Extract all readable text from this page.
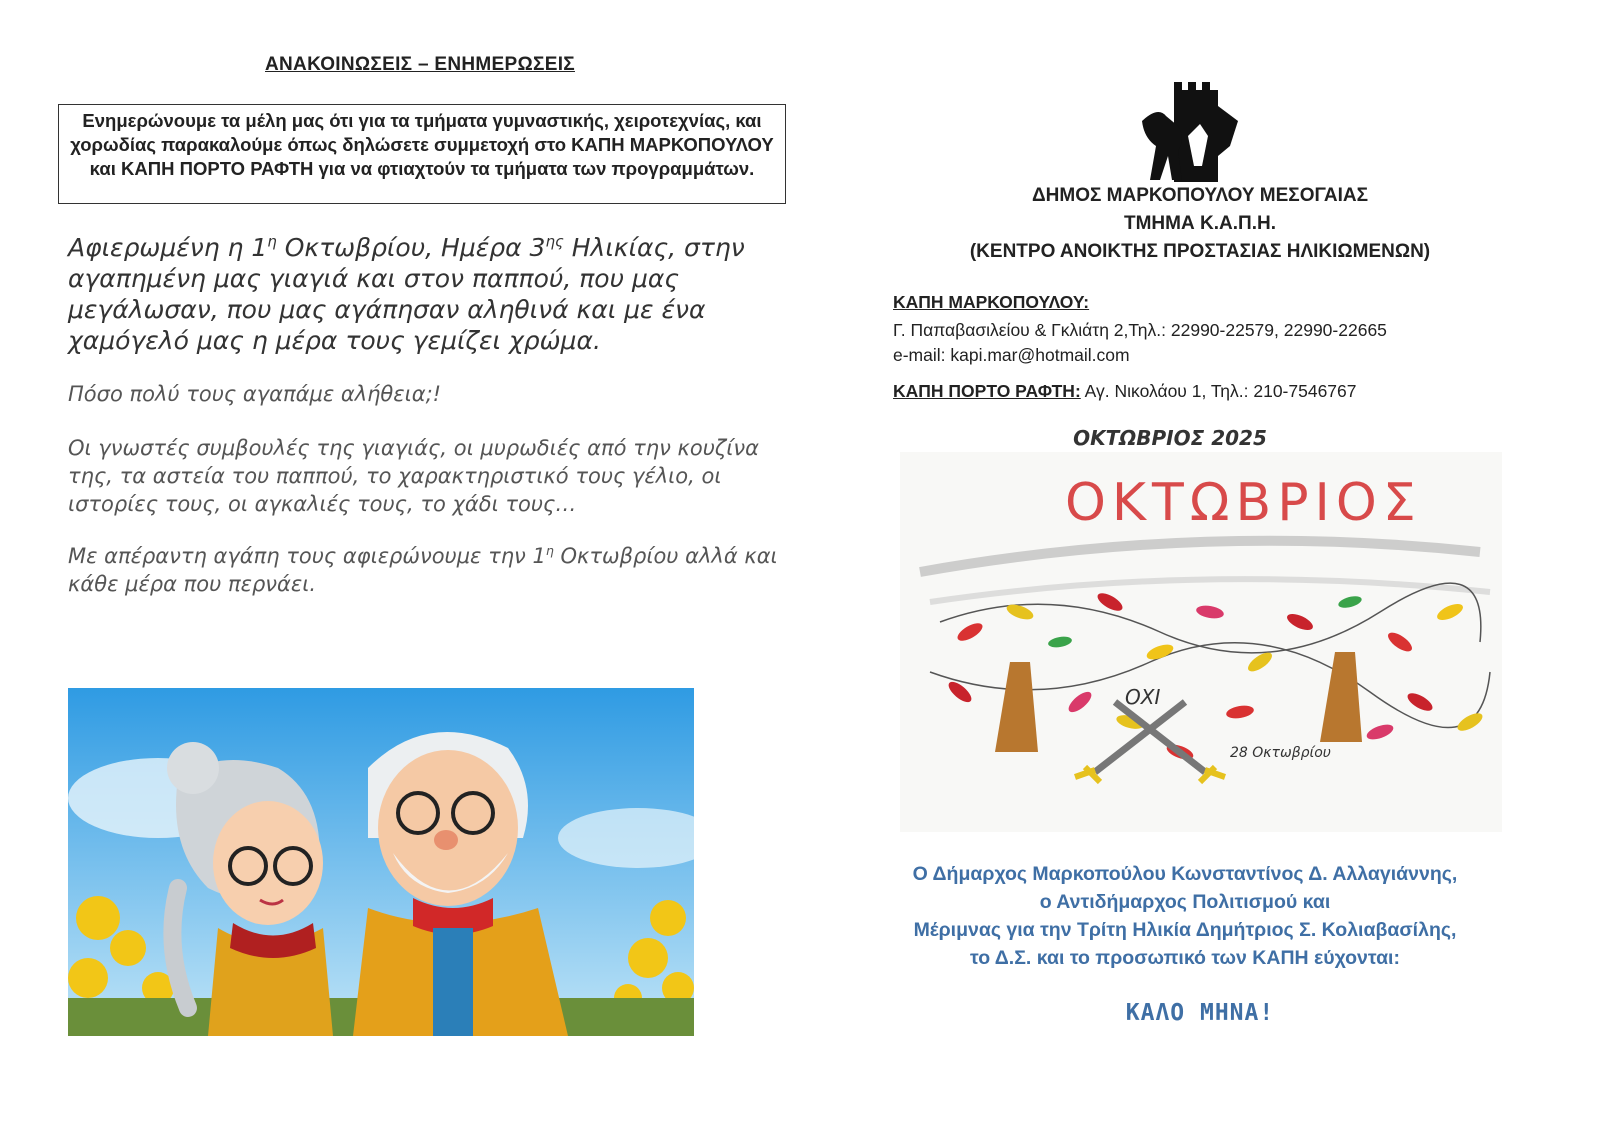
ΑΝΑΚΟΙΝΩΣΕΙΣ – ΕΝΗΜΕΡΩΣΕΙΣ
Ενημερώνουμε τα μέλη μας ότι για τα τμήματα γυμναστικής, χειροτεχνίας, και χορωδίας παρακαλούμε όπως δηλώσετε συμμετοχή στο ΚΑΠΗ ΜΑΡΚΟΠΟΥΛΟΥ και ΚΑΠΗ ΠΟΡΤΟ ΡΑΦΤΗ για να φτιαχτούν τα τμήματα των προγραμμάτων.
Αφιερωμένη η $1^\eta$ Οκτωβρίου, Ημέρα $3^{\eta\varsigma}$ Ηλικίας, στην αγαπημένη μας γιαγιά και στον παππού, που μας μεγάλωσαν, που μας αγάπησαν αληθινά και με ένα χαμόγελό μας η μέρα τους γεμίζει χρώμα.
Πόσο πολύ τους αγαπάμε αλήθεια;!
Οι γνωστές συμβουλές της γιαγιάς, οι μυρωδιές από την κουζίνα της, τα αστεία του παππού, το χαρακτηριστικό τους γέλιο, οι ιστορίες τους, οι αγκαλιές τους, το χάδι τους…
Με απέραντη αγάπη τους αφιερώνουμε την $1^\eta$ Οκτωβρίου αλλά και κάθε μέρα που περνάει.
ΔΗΜΟΣ ΜΑΡΚΟΠΟΥΛΟΥ ΜΕΣΟΓΑΙΑΣ
ΤΜΗΜΑ Κ.Α.Π.Η.
(ΚΕΝΤΡΟ ΑΝΟΙΚΤΗΣ ΠΡΟΣΤΑΣΙΑΣ ΗΛΙΚΙΩΜΕΝΩΝ)
ΚΑΠΗ ΜΑΡΚΟΠΟΥΛΟΥ:
Γ. Παπαβασιλείου & Γκλιάτη 2,Τηλ.: 22990-22579, 22990-22665
e-mail: kapi.mar@hotmail.com
ΚΑΠΗ ΠΟΡΤΟ ΡΑΦΤΗ: Αγ. Νικολάου 1, Τηλ.: 210-7546767
ΟΚΤΩΒΡΙΟΣ 2025
ΟΚΤΩΒΡΙΟΣ
ΟΧΙ
28 Οκτωβρίου
Ο Δήμαρχος Μαρκοπούλου Κωνσταντίνος Δ. Αλλαγιάννης,
ο Αντιδήμαρχος Πολιτισμού και
Μέριμνας για την Τρίτη Ηλικία Δημήτριος Σ. Κολιαβασίλης,
το Δ.Σ. και το προσωπικό των ΚΑΠΗ εύχονται:
ΚΑΛΟ ΜΗΝΑ!
